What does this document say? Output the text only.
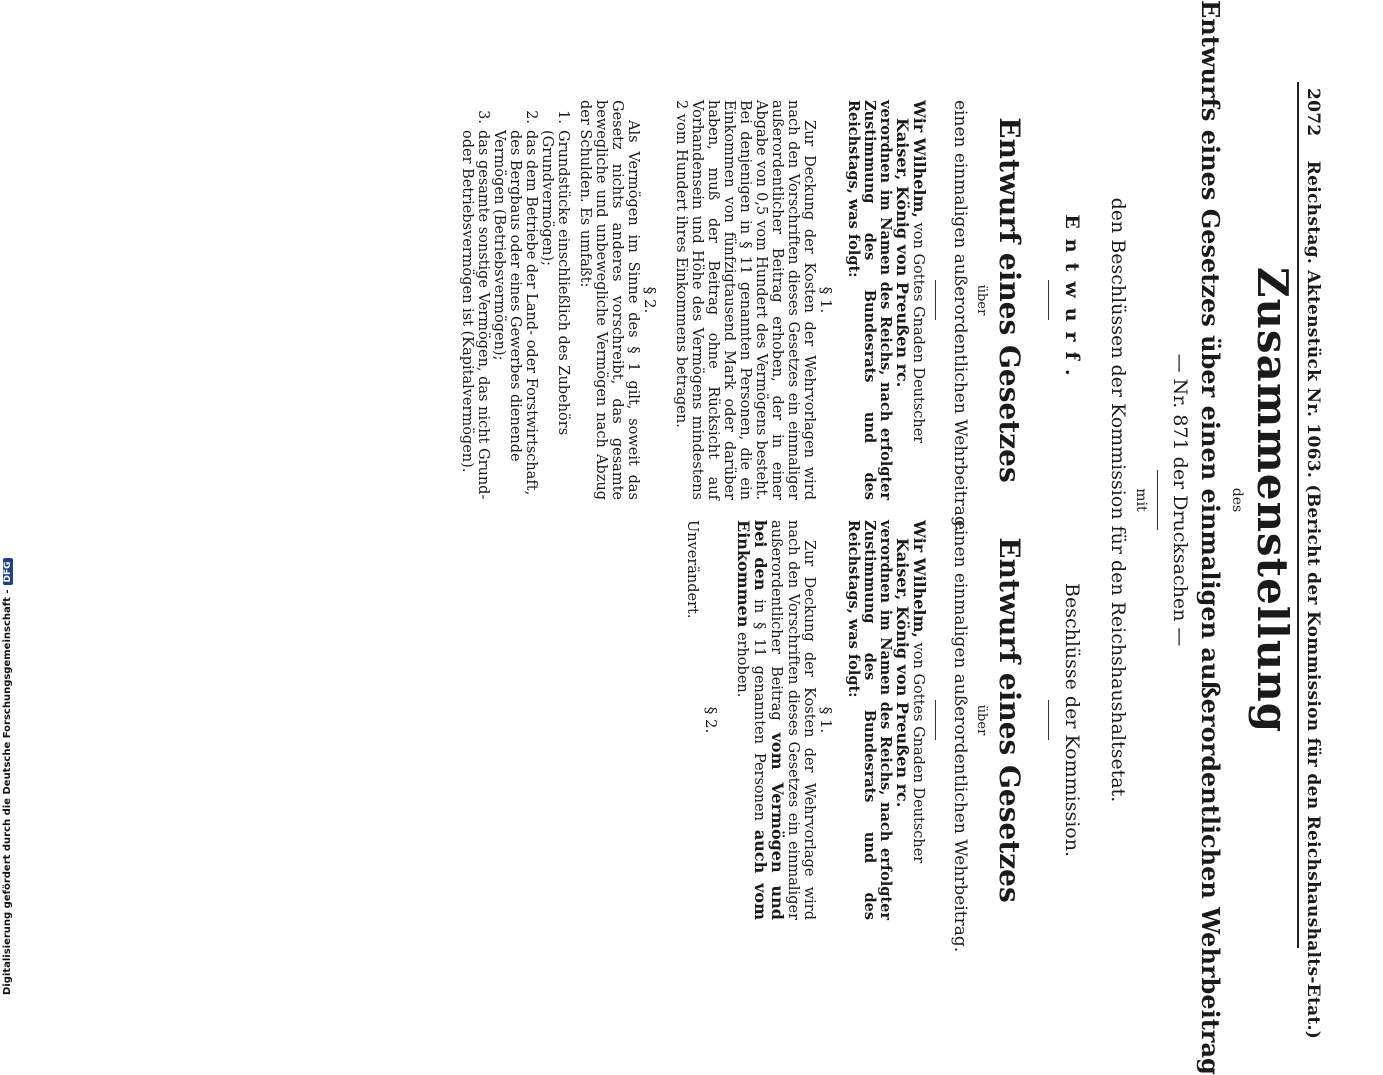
2072 Reichstag. Aktenstück Nr. 1063. (Bericht der Kommission für den Reichshaushalts-Etat.)
Zusammenstellung
des
Entwurfs eines Gesetzes über einen einmaligen außerordentlichen Wehrbeitrag
— Nr. 871 der Drucksachen —
mit
den Beschlüssen der Kommission für den Reichshaushaltsetat.
Entwurf.
Entwurf eines Gesetzes
über
einen einmaligen außerordentlichen Wehrbeitrag.
Wir Wilhelm, von Gottes Gnaden Deutscher
Kaiser, König von Preußen rc.
verordnen im Namen des Reichs, nach erfolgter Zustimmung des Bundesrats und des Reichstags, was folgt:
§ 1.
Zur Deckung der Kosten der Wehrvorlagen wird nach den Vorschriften dieses Gesetzes ein einmaliger außerordentlicher Beitrag erhoben, der in einer Abgabe von 0,5 vom Hundert des Vermögens besteht. Bei denjenigen in § 11 genannten Personen, die ein Einkommen von fünfzigtausend Mark oder darüber haben, muß der Beitrag ohne Rücksicht auf Vorhandensein und Höhe des Vermögens mindestens 2 vom Hundert ihres Einkommens betragen.
§ 2.
Als Vermögen im Sinne des § 1 gilt, soweit das Gesetz nichts anderes vorschreibt, das gesamte bewegliche und unbewegliche Vermögen nach Abzug der Schulden. Es umfaßt:
1.
Grundstücke einschließlich des Zubehörs (Grundvermögen);
2.
das dem Betriebe der Land- oder Forstwirtschaft, des Bergbaus oder eines Gewerbes dienende Vermögen (Betriebsvermögen);
3.
das gesamte sonstige Vermögen, das nicht Grund- oder Betriebsvermögen ist (Kapitalvermögen).
Beschlüsse der Kommission.
Entwurf eines Gesetzes
über
einen einmaligen außerordentlichen Wehrbeitrag.
Wir Wilhelm, von Gottes Gnaden Deutscher
Kaiser, König von Preußen rc.
verordnen im Namen des Reichs, nach erfolgter Zustimmung des Bundesrats und des Reichstags, was folgt:
§ 1.
Zur Deckung der Kosten der Wehrvorlage wird nach den Vorschriften dieses Gesetzes ein einmaliger außerordentlicher Beitrag vom Vermögen und bei den in § 11 genannten Personen auch vom Einkommen erhoben.
§ 2.
Unverändert.
Digitalisierung gefördert durch die Deutsche Forschungsgemeinschaft -DFG
